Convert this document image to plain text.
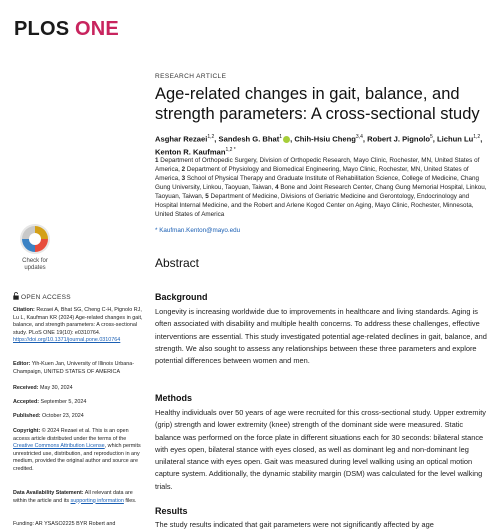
PLOS ONE
Check for updates
OPEN ACCESS
Citation: Rezaei A, Bhat SG, Cheng C-H, Pignolo RJ, Lu L, Kaufman KR (2024) Age-related changes in gait, balance, and strength parameters: A cross-sectional study. PLoS ONE 19(10): e0310764. https://doi.org/10.1371/journal.pone.0310764
Editor: Yih-Kuen Jan, University of Illinois Urbana-Champaign, UNITED STATES OF AMERICA
Received: May 30, 2024
Accepted: September 5, 2024
Published: October 23, 2024
Copyright: © 2024 Rezaei et al. This is an open access article distributed under the terms of the Creative Commons Attribution License, which permits unrestricted use, distribution, and reproduction in any medium, provided the original author and source are credited.
Data Availability Statement: All relevant data are within the article and its supporting information files.
Funding: AR YSASO2225 BYR Robert and
RESEARCH ARTICLE
Age-related changes in gait, balance, and strength parameters: A cross-sectional study
Asghar Rezaei$^{1,2}$, Sandesh G. Bhat$^1$ , Chih-Hsiu Cheng$^{3,4}$, Robert J. Pignolo$^5$, Lichun Lu$^{1,2}$, Kenton R. Kaufman$^{1,2 *}$
1 Department of Orthopedic Surgery, Division of Orthopedic Research, Mayo Clinic, Rochester, MN, United States of America, 2 Department of Physiology and Biomedical Engineering, Mayo Clinic, Rochester, MN, United States of America, 3 School of Physical Therapy and Graduate Institute of Rehabilitation Science, College of Medicine, Chang Gung University, Linkou, Taoyuan, Taiwan, 4 Bone and Joint Research Center, Chang Gung Memorial Hospital, Linkou, Taoyuan, Taiwan, 5 Department of Medicine, Divisions of Geriatric Medicine and Gerontology, Endocrinology and Hospital Internal Medicine, and the Robert and Arlene Kogod Center on Aging, Mayo Clinic, Rochester, Minnesota, United States of America
* Kaufman.Kenton@mayo.edu
Abstract
Background
Longevity is increasing worldwide due to improvements in healthcare and living standards. Aging is often associated with disability and multiple health concerns. To address these challenges, effective interventions are essential. This study investigated potential age-related declines in gait, balance, and strength. We also sought to assess any relationships between these three parameters and explore potential differences between women and men.
Methods
Healthy individuals over 50 years of age were recruited for this cross-sectional study. Upper extremity (grip) strength and lower extremity (knee) strength of the dominant side were measured. Static balance was performed on the force plate in different situations each for 30 seconds: bilateral stance with eyes open, bilateral stance with eyes closed, as well as dominant leg and non-dominant leg unilateral stance with eyes open. Gait was measured during level walking using an optical motion capture system. Additionally, the dynamic stability margin (DSM) was calculated for the level walking trials.
Results
The study results indicated that gait parameters were not significantly affected by age
